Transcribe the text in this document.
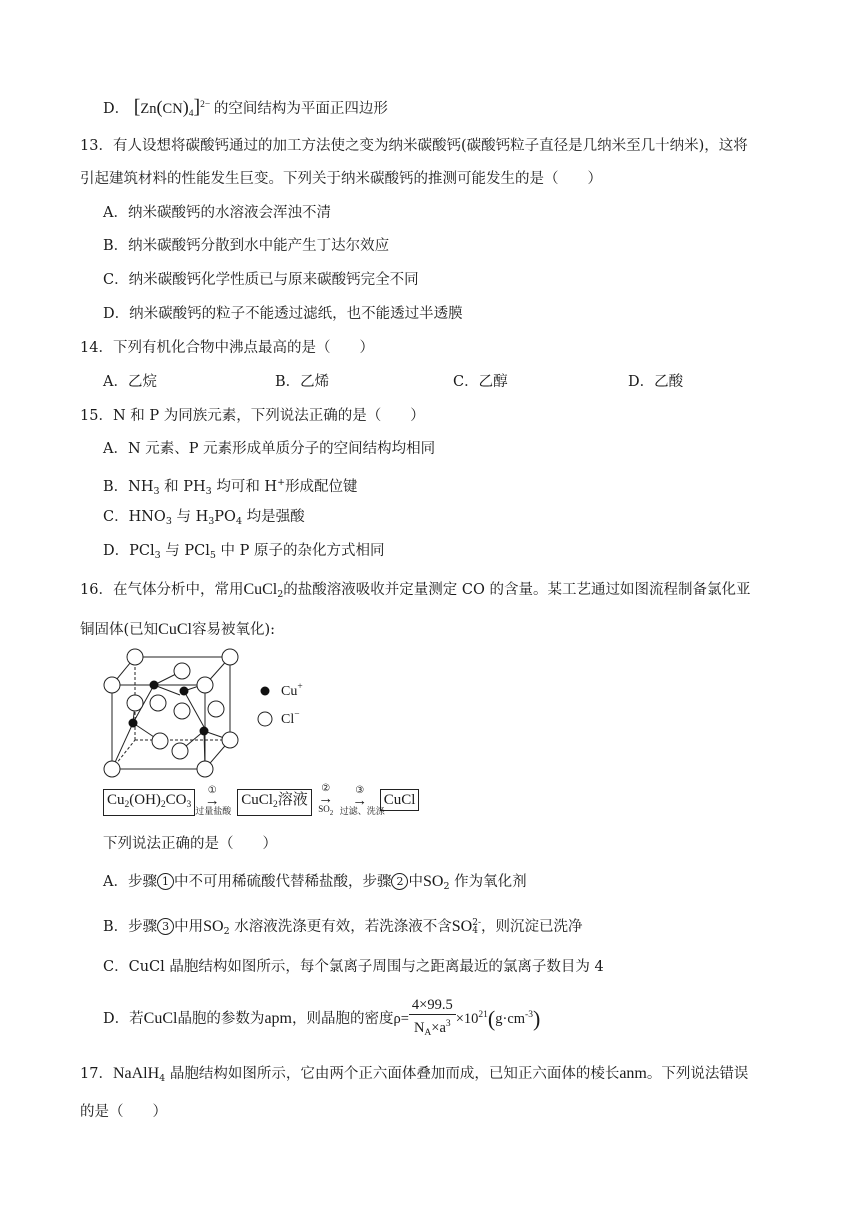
D． $[Zn(CN)_4]^{2-}$ 的空间结构为平面正四边形
13．有人设想将碳酸钙通过的加工方法使之变为纳米碳酸钙(碳酸钙粒子直径是几纳米至几十纳米)，这将
引起建筑材料的性能发生巨变。下列关于纳米碳酸钙的推测可能发生的是（　　）
A．纳米碳酸钙的水溶液会浑浊不清
B．纳米碳酸钙分散到水中能产生丁达尔效应
C．纳米碳酸钙化学性质已与原来碳酸钙完全不同
D．纳米碳酸钙的粒子不能透过滤纸，也不能透过半透膜
14．下列有机化合物中沸点最高的是（　　）
A．乙烷	B．乙烯	C．乙醇	D．乙酸
15．N 和 P 为同族元素，下列说法正确的是（　　）
A．N 元素、P 元素形成单质分子的空间结构均相同
B．$NH_3$ 和 $PH_3$ 均可和 H+形成配位键
C．$HNO_3$ 与 $H_3PO_4$ 均是强酸
D．PCl$_3$ 与 PCl$_5$ 中 P 原子的杂化方式相同
16．在气体分析中，常用CuCl$_2$的盐酸溶液吸收并定量测定 CO 的含量。某工艺通过如图流程制备氯化亚
铜固体(已知CuCl容易被氧化):
Cu+
Cl−
$Cu_2(OH)_2CO_3$
①
→
过量盐酸
CuCl$_2$溶液
②
→
$SO_2$
③
→
过滤、洗涤
CuCl
下列说法正确的是（　　）
A．步骤 1 中不可用稀硫酸代替稀盐酸，步骤 2 中$SO_2$ 作为氧化剂
B．步骤 3 中用$SO_2$ 水溶液洗涤更有效，若洗涤液不含SO 2-
4 ，则沉淀已洗净
C．CuCl 晶胞结构如图所示，每个氯离子周围与之距离最近的氯离子数目为 4
D．若CuCl晶胞的参数为apm，则晶胞的密度$\rho= \frac{4\times 99.5}{N_A\times a^3} \times 10^{21}(g\cdot cm^{-3})$
17．NaAlH$_4$ 晶胞结构如图所示，它由两个正六面体叠加而成，已知正六面体的棱长anm。下列说法错误
的是（　　）
